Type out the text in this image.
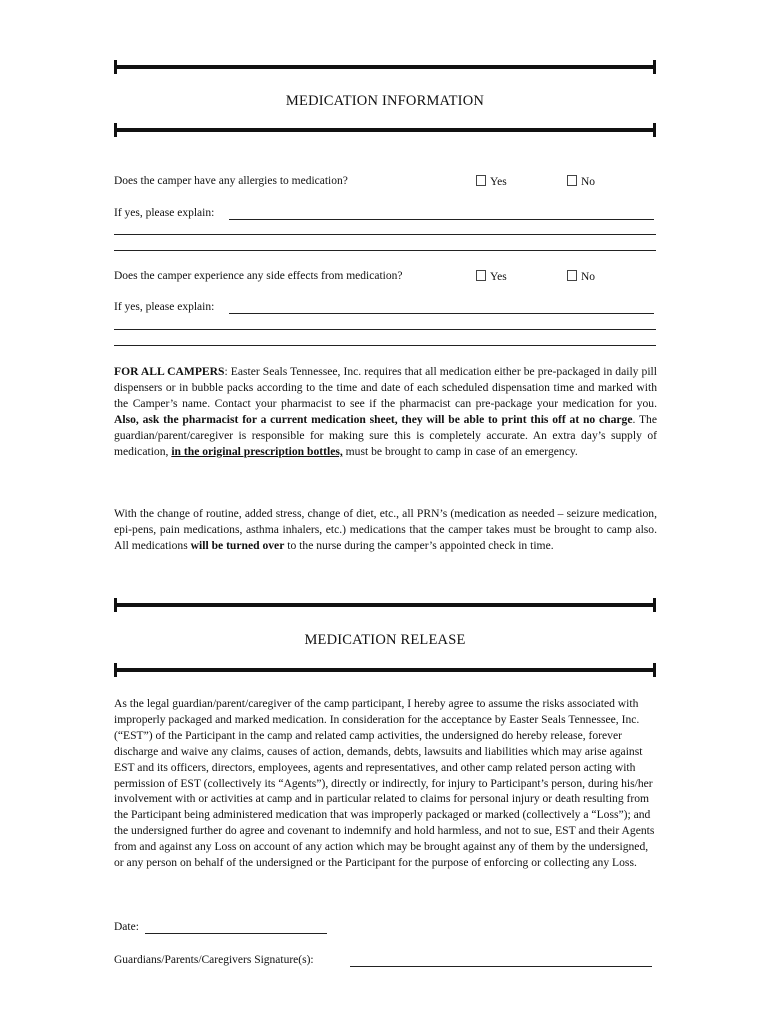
MEDICATION INFORMATION
Does the camper have any allergies to medication?	Yes	No
If yes, please explain:
Does the camper experience any side effects from medication?	Yes	No
If yes, please explain:
FOR ALL CAMPERS: Easter Seals Tennessee, Inc. requires that all medication either be pre-packaged in daily pill dispensers or in bubble packs according to the time and date of each scheduled dispensation time and marked with the Camper’s name. Contact your pharmacist to see if the pharmacist can pre-package your medication for you. Also, ask the pharmacist for a current medication sheet, they will be able to print this off at no charge. The guardian/parent/caregiver is responsible for making sure this is completely accurate. An extra day’s supply of medication, in the original prescription bottles, must be brought to camp in case of an emergency.
With the change of routine, added stress, change of diet, etc., all PRN’s (medication as needed – seizure medication, epi-pens, pain medications, asthma inhalers, etc.) medications that the camper takes must be brought to camp also. All medications will be turned over to the nurse during the camper’s appointed check in time.
MEDICATION RELEASE
As the legal guardian/parent/caregiver of the camp participant, I hereby agree to assume the risks associated with improperly packaged and marked medication. In consideration for the acceptance by Easter Seals Tennessee, Inc. (“EST”) of the Participant in the camp and related camp activities, the undersigned do hereby release, forever discharge and waive any claims, causes of action, demands, debts, lawsuits and liabilities which may arise against EST and its officers, directors, employees, agents and representatives, and other camp related person acting with permission of EST (collectively its “Agents”), directly or indirectly, for injury to Participant’s person, during his/her involvement with or activities at camp and in particular related to claims for personal injury or death resulting from the Participant being administered medication that was improperly packaged or marked (collectively a “Loss”); and the undersigned further do agree and covenant to indemnify and hold harmless, and not to sue, EST and their Agents from and against any Loss on account of any action which may be brought against any of them by the undersigned, or any person on behalf of the undersigned or the Participant for the purpose of enforcing or collecting any Loss.
Date:
Guardians/Parents/Caregivers Signature(s):
